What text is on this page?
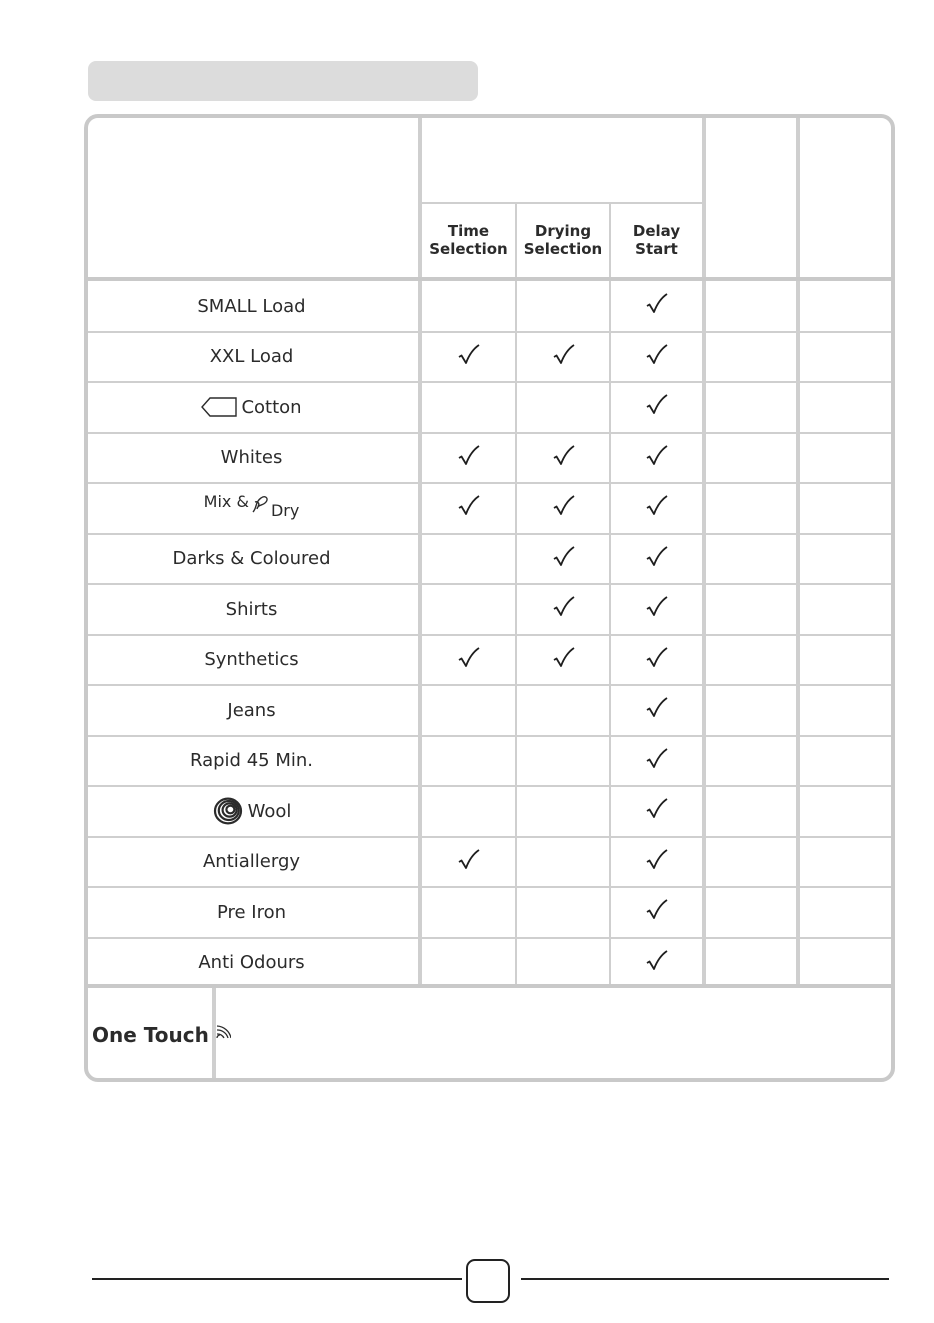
Time
Selection
Drying
Selection
Delay
Start
SMALL Load
XXL Load
Cotton
Whites
Mix & Dry
Darks & Coloured
Shirts
Synthetics
Jeans
Rapid 45 Min.
Wool
Antiallergy
Pre Iron
Anti Odours
One Touch
